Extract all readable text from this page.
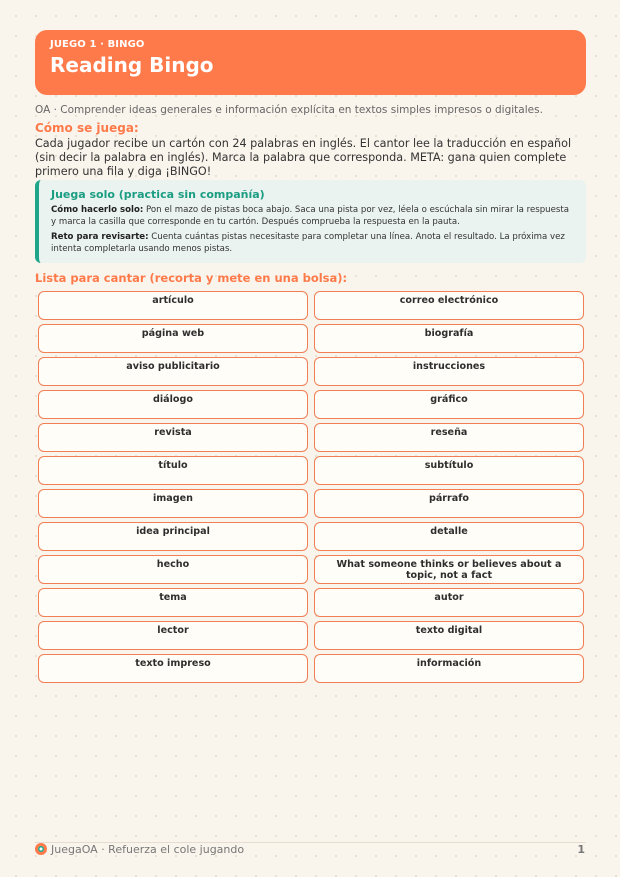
JUEGO 1 · BINGO
Reading Bingo
OA · Comprender ideas generales e información explícita en textos simples impresos o digitales.
Cómo se juega:
Cada jugador recibe un cartón con 24 palabras en inglés. El cantor lee la traducción en español (sin decir la palabra en inglés). Marca la palabra que corresponda. META: gana quien complete primero una fila y diga ¡BINGO!
Juega solo (practica sin compañía)

Cómo hacerlo solo: Pon el mazo de pistas boca abajo. Saca una pista por vez, léela o escúchala sin mirar la respuesta y marca la casilla que corresponde en tu cartón. Después comprueba la respuesta en la pauta.

Reto para revisarte: Cuenta cuántas pistas necesitaste para completar una línea. Anota el resultado. La próxima vez intenta completarla usando menos pistas.

Lista para cantar (recorta y mete en una bolsa):
artículo	correo electrónico
página web	biografía
aviso publicitario	instrucciones
diálogo	gráfico
revista	reseña
título	subtítulo
imagen	párrafo
idea principal	detalle
hecho	What someone thinks or believes about a topic, not a fact
tema	autor
lector	texto digital
texto impreso	información
JuegaOA · Refuerza el cole jugando	1
